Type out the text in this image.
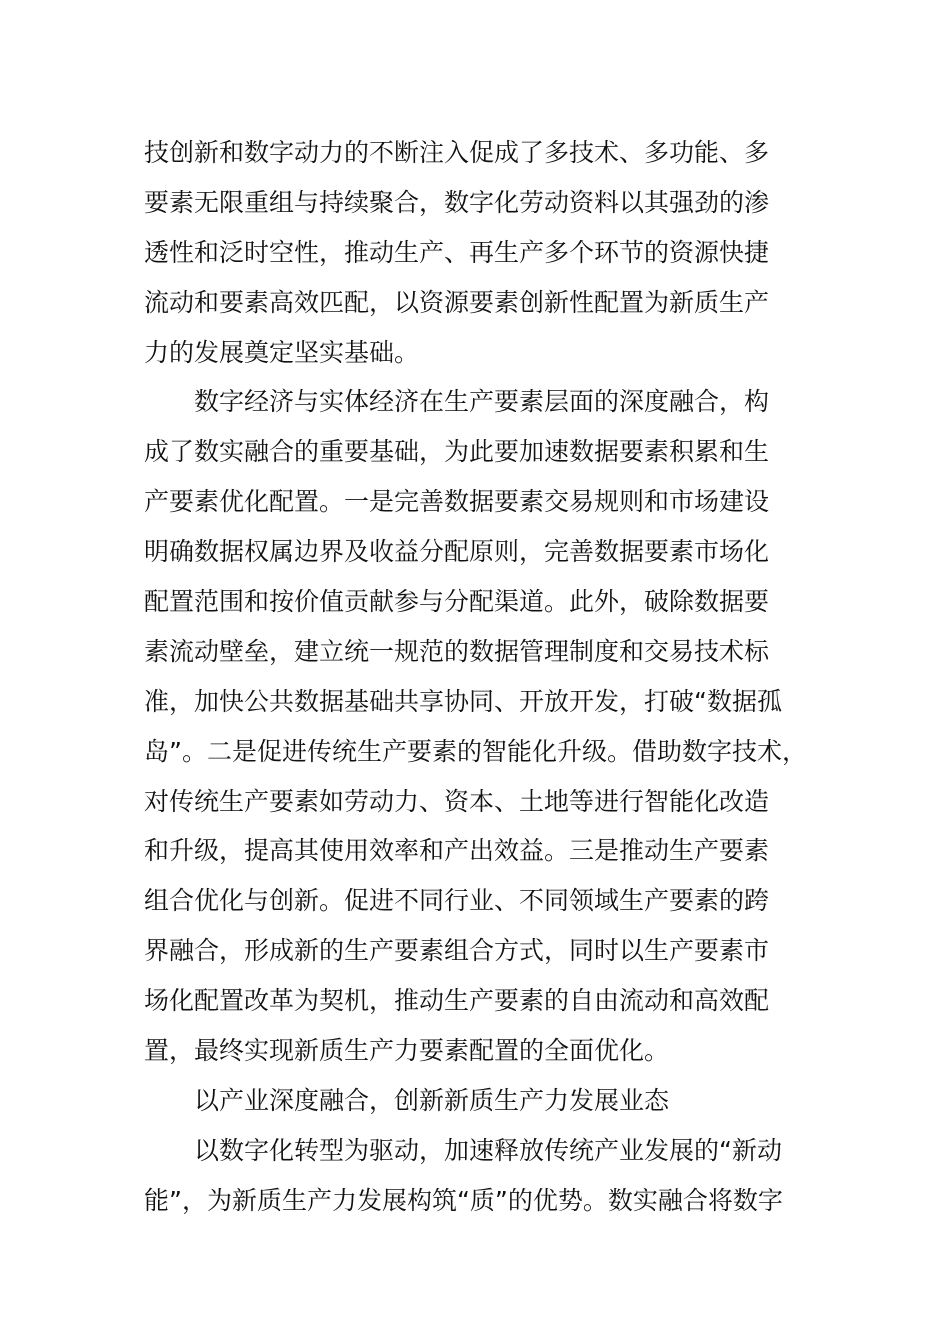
技创新和数字动力的不断注入促成了多技术、多功能、多
要素无限重组与持续聚合，数字化劳动资料以其强劲的渗
透性和泛时空性，推动生产、再生产多个环节的资源快捷
流动和要素高效匹配，以资源要素创新性配置为新质生产
力的发展奠定坚实基础。
数字经济与实体经济在生产要素层面的深度融合，构
成了数实融合的重要基础，为此要加速数据要素积累和生
产要素优化配置。一是完善数据要素交易规则和市场建设
明确数据权属边界及收益分配原则，完善数据要素市场化
配置范围和按价值贡献参与分配渠道。此外，破除数据要
素流动壁垒，建立统一规范的数据管理制度和交易技术标
准，加快公共数据基础共享协同、开放开发，打破“数据孤
岛”。二是促进传统生产要素的智能化升级。借助数字技术，
对传统生产要素如劳动力、资本、土地等进行智能化改造
和升级，提高其使用效率和产出效益。三是推动生产要素
组合优化与创新。促进不同行业、不同领域生产要素的跨
界融合，形成新的生产要素组合方式，同时以生产要素市
场化配置改革为契机，推动生产要素的自由流动和高效配
置，最终实现新质生产力要素配置的全面优化。
以产业深度融合，创新新质生产力发展业态
以数字化转型为驱动，加速释放传统产业发展的“新动
能”，为新质生产力发展构筑“质”的优势。数实融合将数字
